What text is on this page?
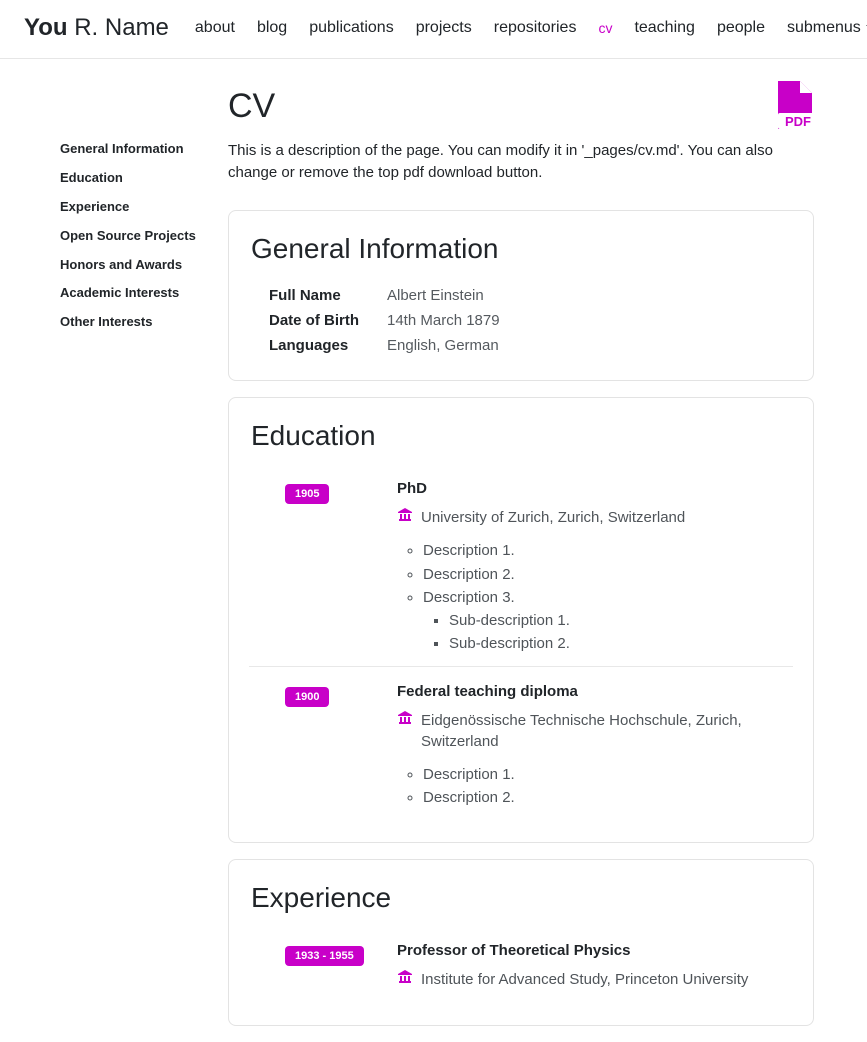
You R. Name about blog publications projects repositories cv teaching people submenus
General Information
Education
Experience
Open Source Projects
Honors and Awards
Academic Interests
Other Interests
CV

This is a description of the page. You can modify it in '_pages/cv.md'. You can also change or remove the top pdf download button.

PDF
General Information
Full Name	Albert Einstein
Date of Birth	14th March 1879
Languages	English, German
Education
1905	PhD

University of Zurich, Zurich, Switzerland

◦ Description 1.
◦ Description 2.
◦ Description 3.
▪ Sub-description 1.
▪ Sub-description 2.
1900	Federal teaching diploma

Eidgenössische Technische Hochschule, Zurich, Switzerland

◦ Description 1.
◦ Description 2.
Experience
1933 - 1955	Professor of Theoretical Physics

Institute for Advanced Study, Princeton University
